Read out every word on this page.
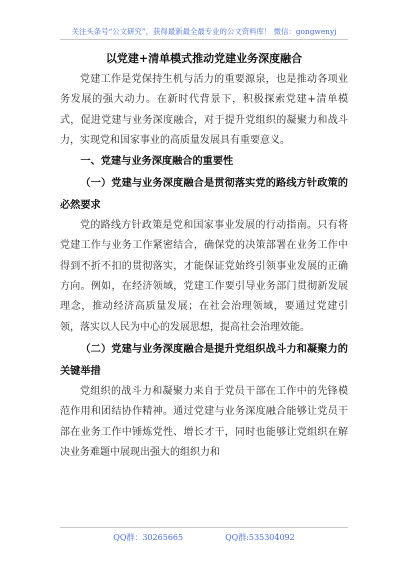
关注头条号“公文研究”，获得最新最全最专业的公文资料库！ 微信：gongwenyj
以党建+清单模式推动党建业务深度融合

党建工作是党保持生机与活力的重要源泉，也是推动各项业务发展的强大动力。在新时代背景下，积极探索党建+清单模式，促进党建与业务深度融合，对于提升党组织的凝聚力和战斗力，实现党和国家事业的高质量发展具有重要意义。

一、党建与业务深度融合的重要性
（一）党建与业务深度融合是贯彻落实党的路线方针政策的必然要求

党的路线方针政策是党和国家事业发展的行动指南。只有将党建工作与业务工作紧密结合，确保党的决策部署在业务工作中得到不折不扣的贯彻落实，才能保证党始终引领事业发展的正确方向。例如，在经济领域，党建工作要引导业务部门贯彻新发展理念，推动经济高质量发展；在社会治理领域，要通过党建引领，落实以人民为中心的发展思想，提高社会治理效能。

（二）党建与业务深度融合是提升党组织战斗力和凝聚力的关键举措

党组织的战斗力和凝聚力来自于党员干部在工作中的先锋模范作用和团结协作精神。通过党建与业务深度融合能够让党员干部在业务工作中锤炼党性、增长才干，同时也能够让党组织在解决业务难题中展现出强大的组织力和

QQ群：30265665	QQ群:535304092
